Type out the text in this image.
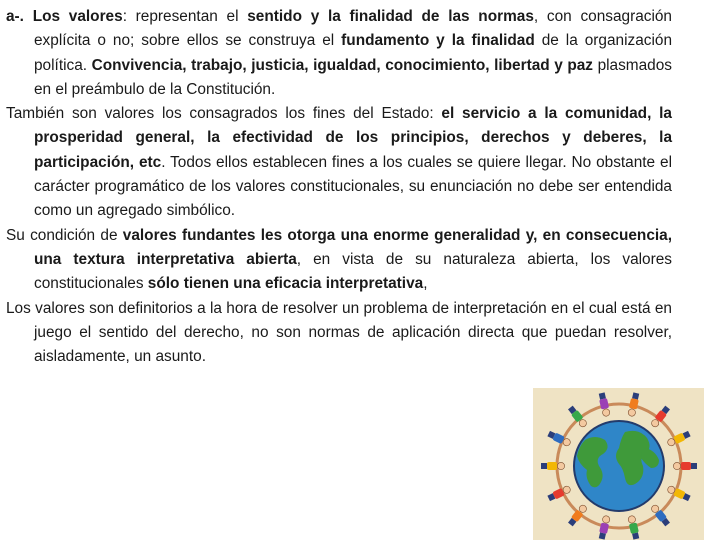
a-. Los valores: representan el sentido y la finalidad de las normas, con consagración explícita o no; sobre ellos se construya el fundamento y la finalidad de la organización política. Convivencia, trabajo, justicia, igualdad, conocimiento, libertad y paz plasmados en el preámbulo de la Constitución.

También son valores los consagrados los fines del Estado: el servicio a la comunidad, la prosperidad general, la efectividad de los principios, derechos y deberes, la participación, etc. Todos ellos establecen fines a los cuales se quiere llegar. No obstante el carácter programático de los valores constitucionales, su enunciación no debe ser entendida como un agregado simbólico.

Su condición de valores fundantes les otorga una enorme generalidad y, en consecuencia, una textura interpretativa abierta, en vista de su naturaleza abierta, los valores constitucionales sólo tienen una eficacia interpretativa,

Los valores son definitorios a la hora de resolver un problema de interpretación en el cual está en juego el sentido del derecho, no son normas de aplicación directa que puedan resolver, aisladamente, un asunto.
